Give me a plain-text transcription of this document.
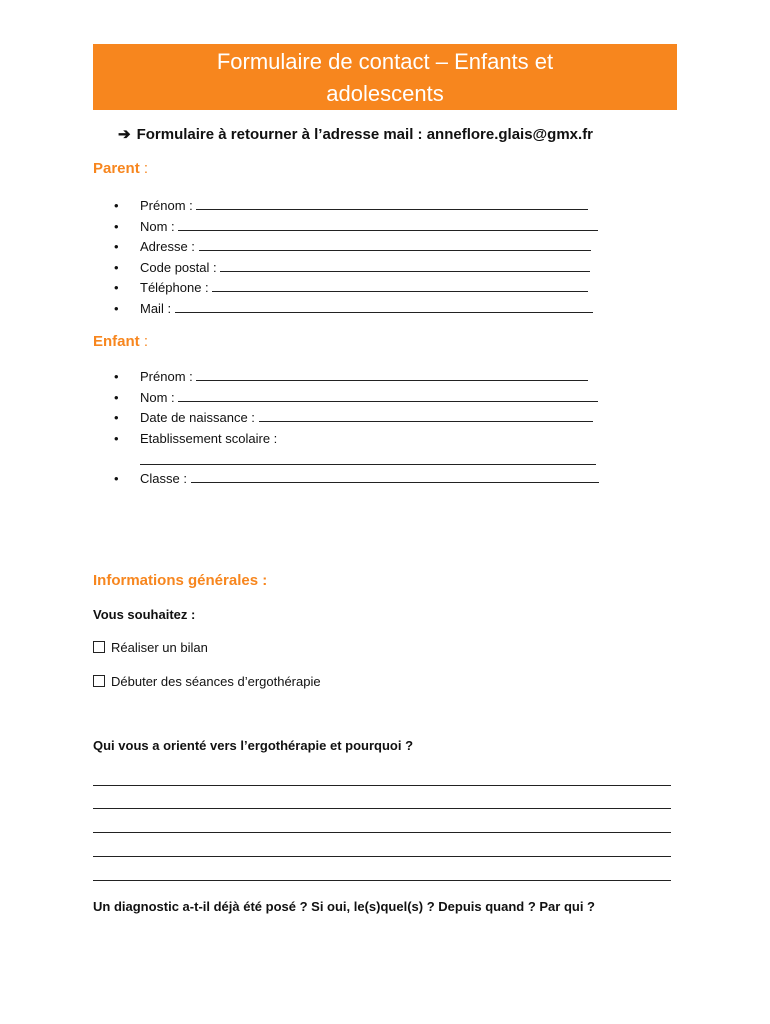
Formulaire de contact – Enfants et
adolescents
➔ Formulaire à retourner à l’adresse mail : anneflore.glais@gmx.fr
Parent :
• Prénom :
• Nom :
• Adresse :
• Code postal :
• Téléphone :
• Mail :
Enfant :
• Prénom :
• Nom :
• Date de naissance :
• Etablissement scolaire :
• Classe :
Informations générales :
Vous souhaitez :
Réaliser un bilan
Débuter des séances d’ergothérapie
Qui vous a orienté vers l’ergothérapie et pourquoi ?
Un diagnostic a-t-il déjà été posé ? Si oui, le(s)quel(s) ? Depuis quand ? Par qui ?
